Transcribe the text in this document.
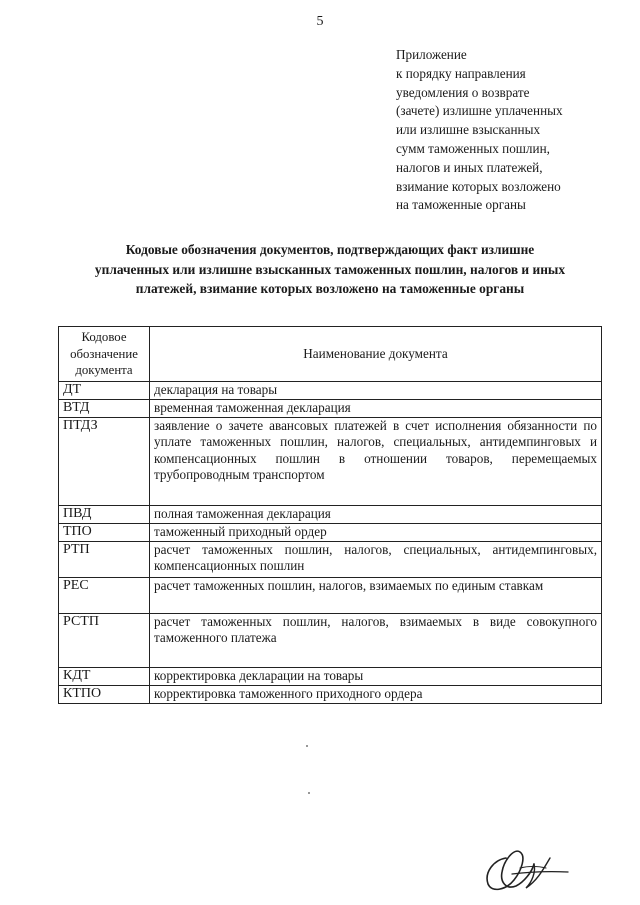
5
Приложение
к порядку направления
уведомления о возврате
(зачете) излишне уплаченных
или излишне взысканных
сумм таможенных пошлин,
налогов и иных платежей,
взимание которых возложено
на таможенные органы
Кодовые обозначения документов, подтверждающих факт излишне
уплаченных или излишне взысканных таможенных пошлин, налогов и иных
платежей, взимание которых возложено на таможенные органы
Кодовое
обозначение
документа	Наименование документа
ДТ	декларация на товары
ВТД	временная таможенная декларация
ПТДЗ	заявление о зачете авансовых платежей в счет исполнения обязанности по уплате таможенных пошлин, налогов, специальных, антидемпинговых и компенсационных пошлин в отношении товаров, перемещаемых трубопроводным транспортом
ПВД	полная таможенная декларация
ТПО	таможенный приходный ордер
РТП	расчет таможенных пошлин, налогов, специальных, антидемпинговых, компенсационных пошлин
РЕС	расчет таможенных пошлин, налогов, взимаемых по единым ставкам
РСТП	расчет таможенных пошлин, налогов, взимаемых в виде совокупного таможенного платежа
КДТ	корректировка декларации на товары
КТПО	корректировка таможенного приходного ордера
